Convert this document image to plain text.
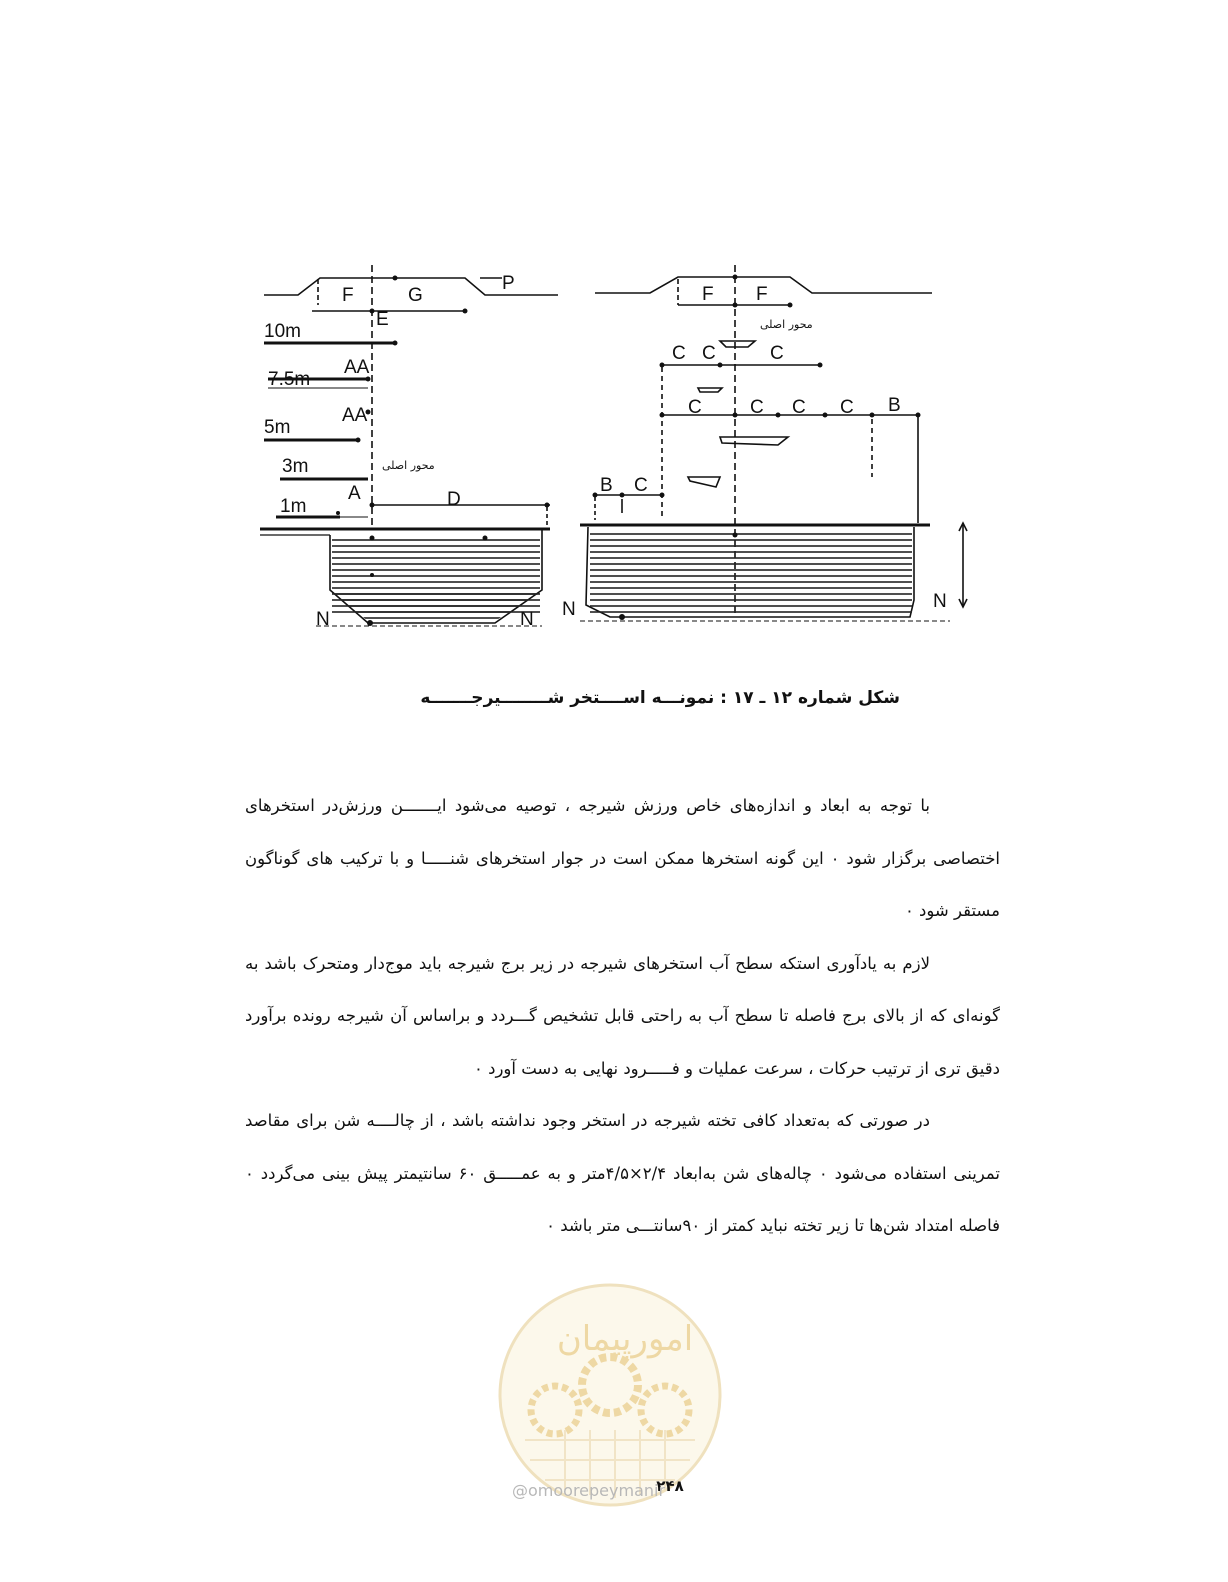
F	G
P
E
10m
7.5m
AA
5m
AA
3m	محور اصلی
1m
A	D
N	N
F F
محور اصلی
C C	C
C	C C C B
B C
N	N
شکل شماره ۱۲ ـ ۱۷ : نمونـــه اســــتخر شــــــــیرجـــــــه

با توجه به ابعاد و اندازه‌های خاص ورزش شیرجه ، توصیه می‌شود ایـــــــن ورزش‌در استخرهای اختصاصی برگزار شود ۰ این گونه استخرها ممکن است در جوار استخرهای شنـــــا و با ترکیب های گوناگون مستقر شود ۰

لازم به یادآوری استکه سطح آب استخرهای شیرجه در زیر برج شیرجه باید موج‌دار ومتحرک باشد به گونه‌ای که از بالای برج فاصله تا سطح آب به راحتی قابل تشخیص گـــردد و براساس آن شیرجه رونده برآورد دقیق تری از ترتیب حرکات ، سرعت عملیات و فـــــرود نهایی به دست آورد ۰

در صورتی که به‌تعداد کافی تخته شیرجه در استخر وجود نداشته باشد ، از چالــــه شن برای مقاصد تمرینی استفاده می‌شود ۰ چاله‌های شن به‌ابعاد ۲/۴×۴/۵متر و به عمـــــق ۶۰ سانتیمتر پیش بینی می‌گردد ۰ فاصله امتداد شن‌ها تا زیر تخته نباید کمتر از ۹۰سانتـــی متر باشد ۰

امورپیمان
۲۴۸
@omoorepeymanir
